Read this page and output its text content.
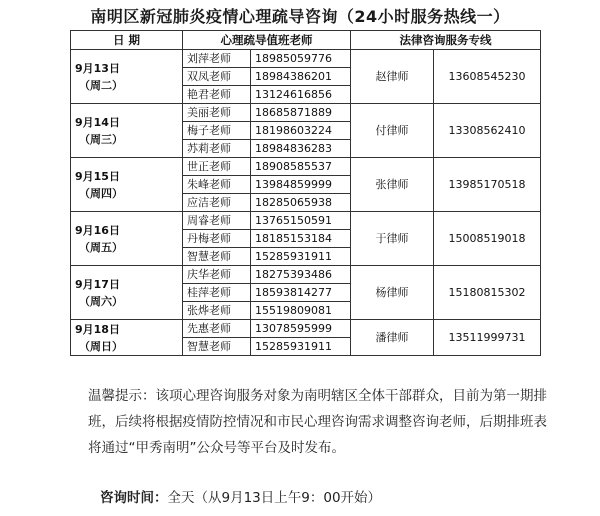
南明区新冠肺炎疫情心理疏导咨询（24小时服务热线一）
日 期	心理疏导值班老师		法律咨询服务专线	

9月13日
（周二）	刘萍老师	18985059776	赵律师	13608545230
	双凤老师	18984386201		
	艳君老师	13124616856		

9月14日
（周三）	美丽老师	18685871889	付律师	13308562410
	梅子老师	18198603224		
	苏莉老师	18984836283		

9月15日
（周四）	世正老师	18908585537	张律师	13985170518
	朱峰老师	13984859999		
	应洁老师	18285065938		

9月16日
（周五）	周睿老师	13765150591	于律师	15008519018
	丹梅老师	18185153184		
	智慧老师	15285931911		

9月17日
（周六）	庆华老师	18275393486	杨律师	15180815302
	桂萍老师	18593814277		
	张烨老师	15519809081		

9月18日
（周日）	先惠老师	13078595999	潘律师	13511999731
	智慧老师	15285931911		
温馨提示：该项心理咨询服务对象为南明辖区全体干部群众，目前为第一期排班，后续将根据疫情防控情况和市民心理咨询需求调整咨询老师，后期排班表将通过“甲秀南明”公众号等平台及时发布。
咨询时间：全天（从9月13日上午9：00开始）
